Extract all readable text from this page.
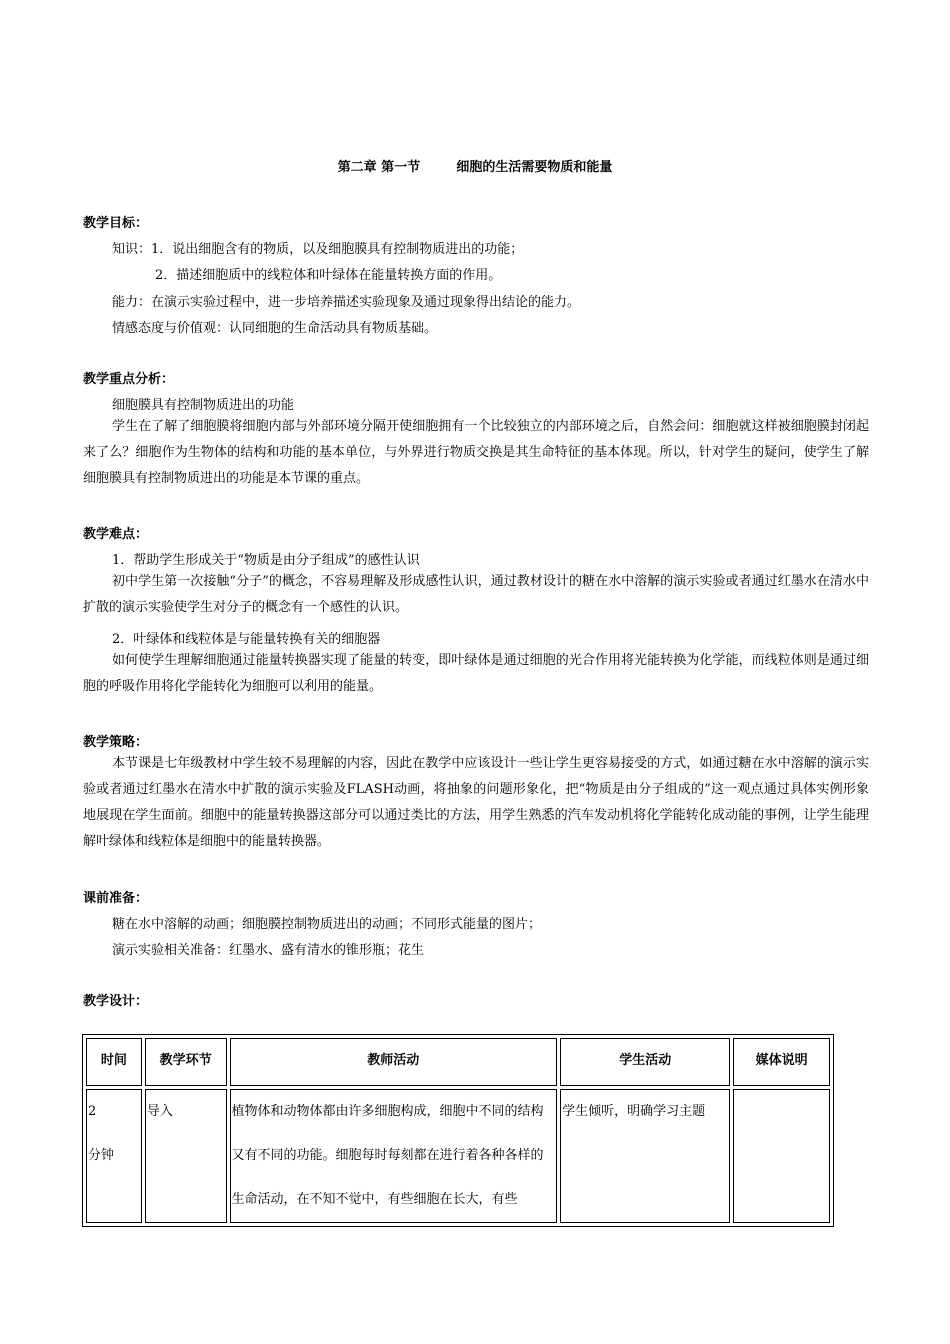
第二章 第一节        细胞的生活需要物质和能量
教学目标：
知识：1．说出细胞含有的物质，以及细胞膜具有控制物质进出的功能；
2．描述细胞质中的线粒体和叶绿体在能量转换方面的作用。
能力：在演示实验过程中，进一步培养描述实验现象及通过现象得出结论的能力。
情感态度与价值观：认同细胞的生命活动具有物质基础。
教学重点分析：
细胞膜具有控制物质进出的功能
学生在了解了细胞膜将细胞内部与外部环境分隔开使细胞拥有一个比较独立的内部环境之后，自然会问：细胞就这样被细胞膜封闭起来了么？细胞作为生物体的结构和功能的基本单位，与外界进行物质交换是其生命特征的基本体现。所以，针对学生的疑问，使学生了解细胞膜具有控制物质进出的功能是本节课的重点。
教学难点：
1．帮助学生形成关于“物质是由分子组成”的感性认识
初中学生第一次接触“分子”的概念，不容易理解及形成感性认识，通过教材设计的糖在水中溶解的演示实验或者通过红墨水在清水中扩散的演示实验使学生对分子的概念有一个感性的认识。
2．叶绿体和线粒体是与能量转换有关的细胞器
如何使学生理解细胞通过能量转换器实现了能量的转变，即叶绿体是通过细胞的光合作用将光能转换为化学能，而线粒体则是通过细胞的呼吸作用将化学能转化为细胞可以利用的能量。
教学策略：
本节课是七年级教材中学生较不易理解的内容，因此在教学中应该设计一些让学生更容易接受的方式，如通过糖在水中溶解的演示实验或者通过红墨水在清水中扩散的演示实验及FLASH动画，将抽象的问题形象化，把“物质是由分子组成的”这一观点通过具体实例形象地展现在学生面前。细胞中的能量转换器这部分可以通过类比的方法，用学生熟悉的汽车发动机将化学能转化成动能的事例，让学生能理解叶绿体和线粒体是细胞中的能量转换器。
课前准备：
糖在水中溶解的动画；细胞膜控制物质进出的动画；不同形式能量的图片；
演示实验相关准备：红墨水、盛有清水的锥形瓶；花生
教学设计：
时间	教学环节	教师活动	学生活动	媒体说明

2
分钟	导入	植物体和动物体都由许多细胞构成，细胞中不同的结构又有不同的功能。细胞每时每刻都在进行着各种各样的生命活动，在不知不觉中，有些细胞在长大，有些	学生倾听，明确学习主题	
